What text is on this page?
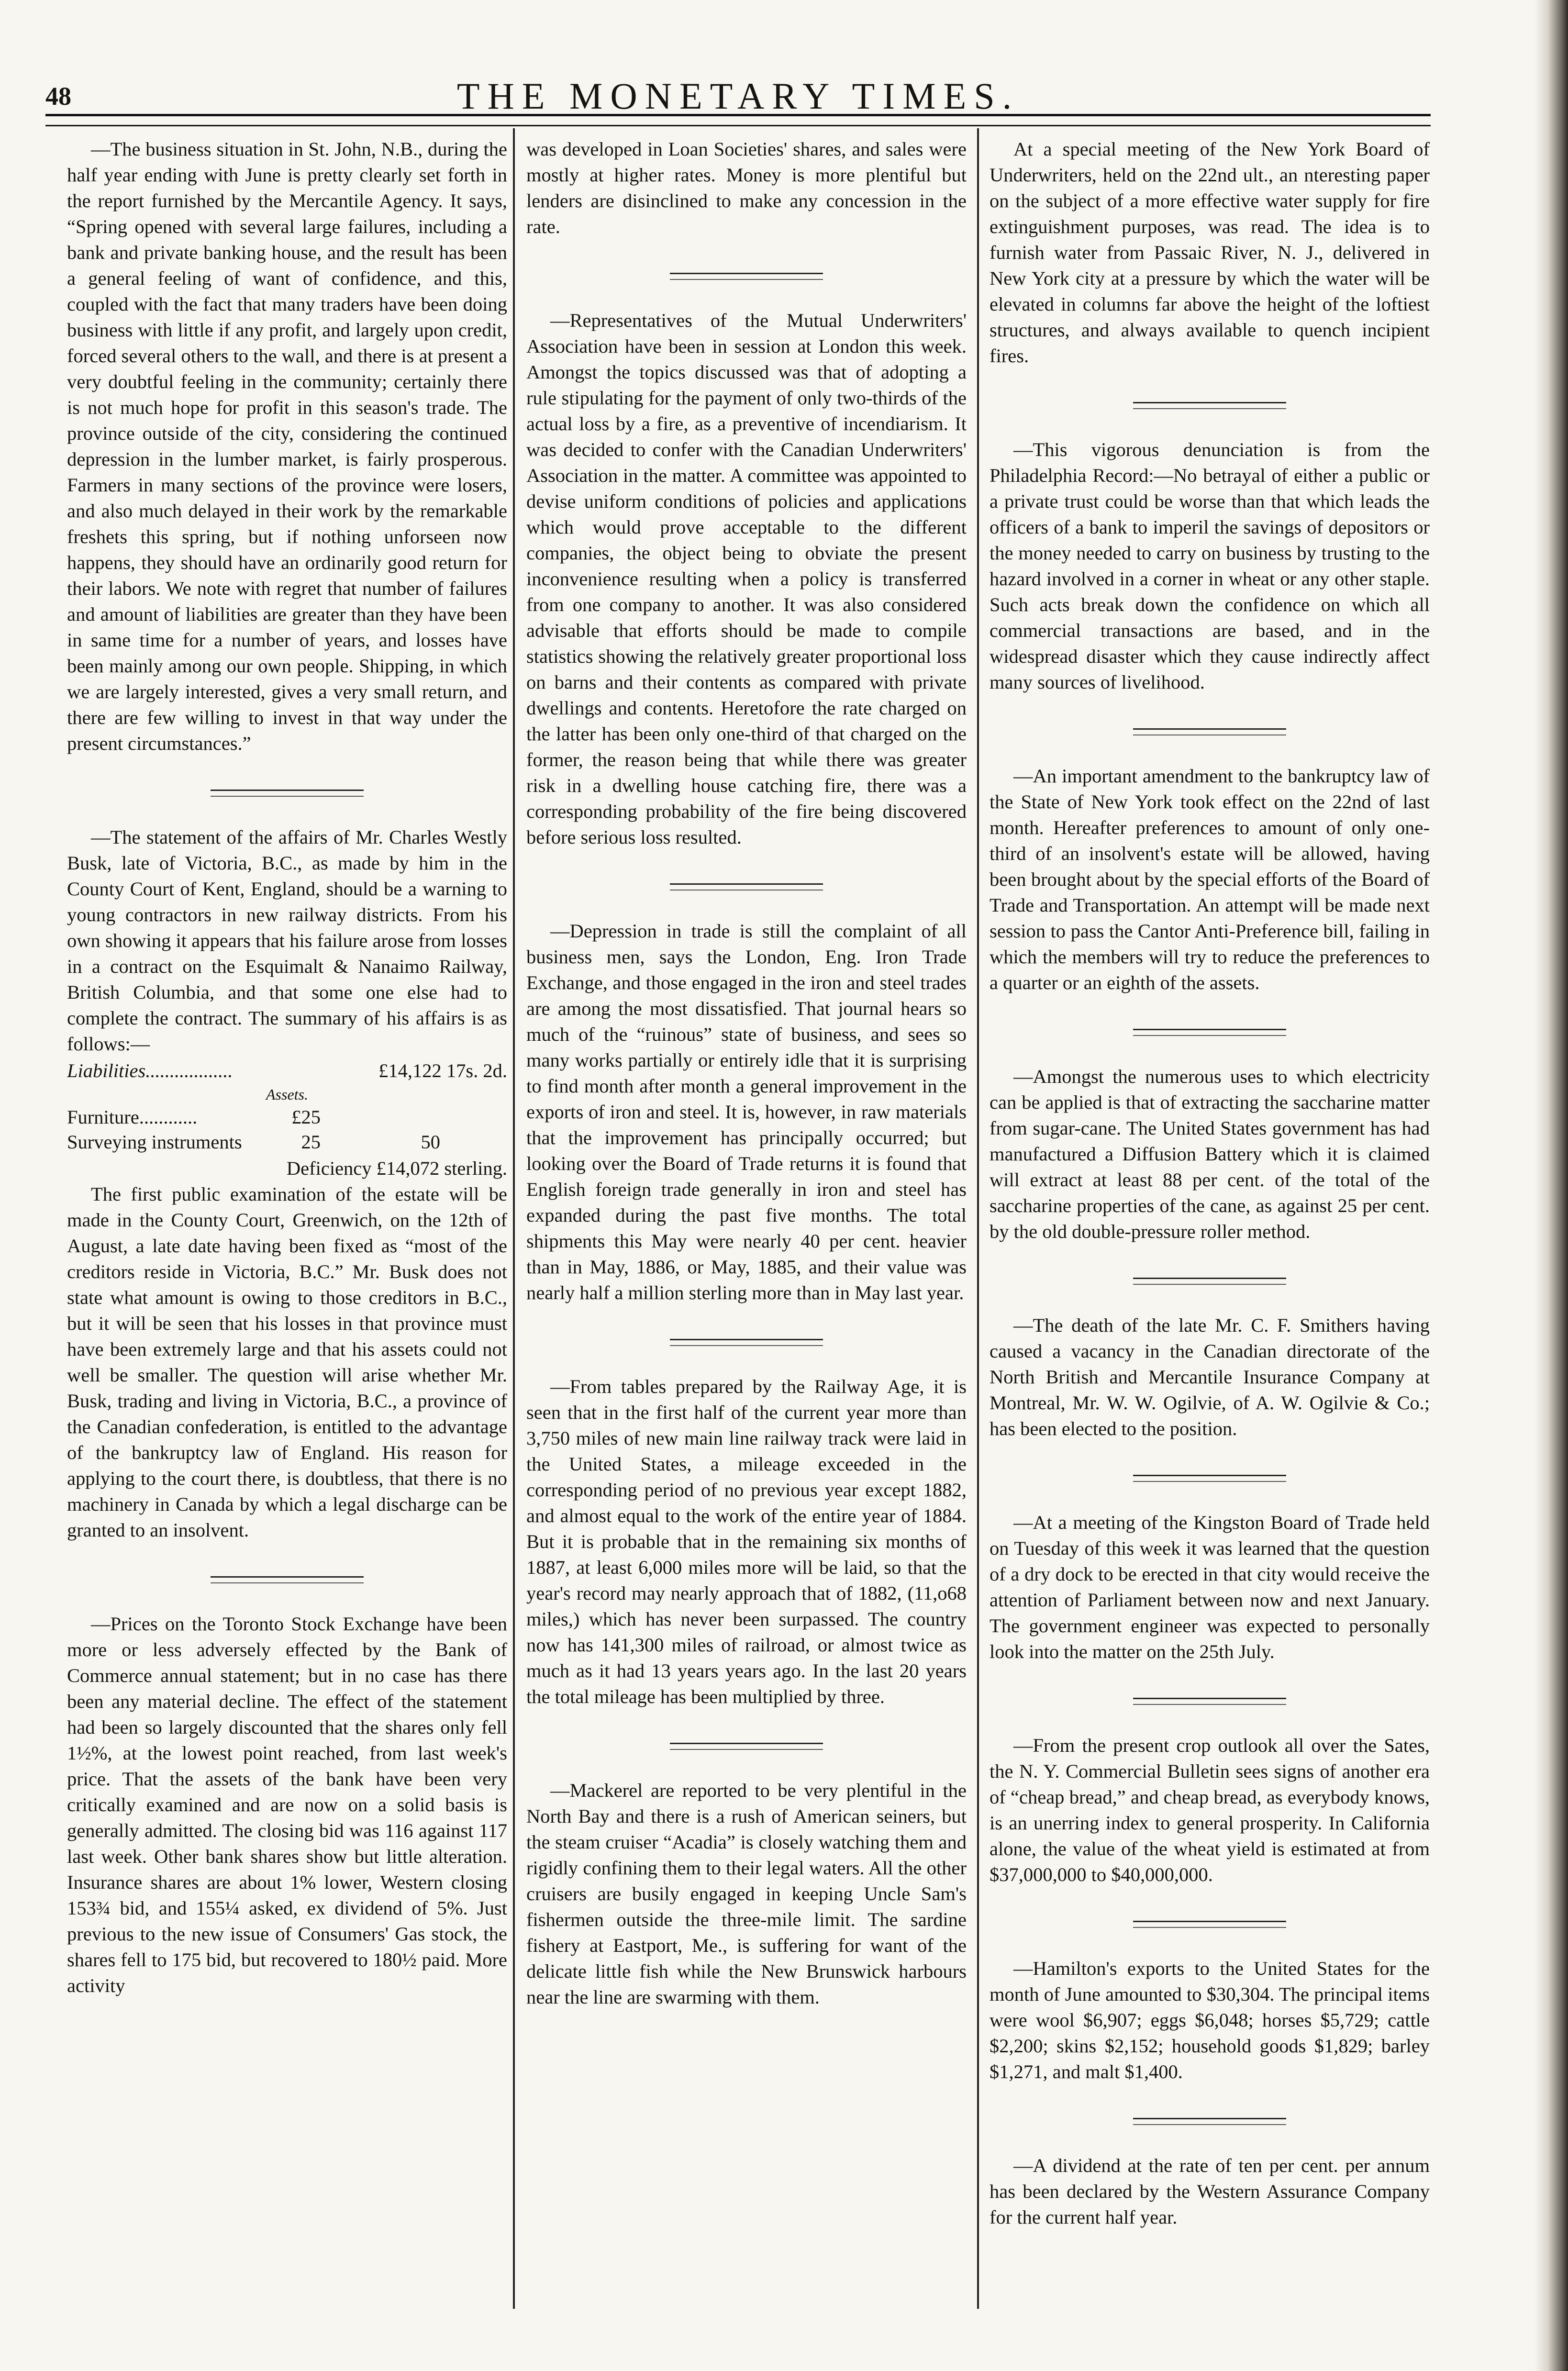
48	THE MONETARY TIMES.

—The business situation in St. John, N.B., during the half year ending with June is pretty clearly set forth in the report furnished by the Mercantile Agency. It says, “Spring opened with several large failures, including a bank and private banking house, and the result has been a general feeling of want of confidence, and this, coupled with the fact that many traders have been doing business with little if any profit, and largely upon credit, forced several others to the wall, and there is at present a very doubtful feeling in the community; certainly there is not much hope for profit in this season's trade. The province outside of the city, considering the continued depression in the lumber market, is fairly prosperous. Farmers in many sections of the province were losers, and also much delayed in their work by the remarkable freshets this spring, but if nothing unforseen now happens, they should have an ordinarily good return for their labors. We note with regret that number of failures and amount of liabilities are greater than they have been in same time for a number of years, and losses have been mainly among our own people. Shipping, in which we are largely interested, gives a very small return, and there are few willing to invest in that way under the present circumstances.”

—The statement of the affairs of Mr. Charles Westly Busk, late of Victoria, B.C., as made by him in the County Court of Kent, England, should be a warning to young contractors in new railway districts. From his own showing it appears that his failure arose from losses in a contract on the Esquimalt & Nanaimo Railway, British Columbia, and that some one else had to complete the contract. The summary of his affairs is as follows:—

Liabilities..................	£14,122 17s. 2d.
Assets.
Furniture............	£25
Surveying instruments	25	50

Deficiency £14,072 sterling.

The first public examination of the estate will be made in the County Court, Greenwich, on the 12th of August, a late date having been fixed as “most of the creditors reside in Victoria, B.C.” Mr. Busk does not state what amount is owing to those creditors in B.C., but it will be seen that his losses in that province must have been extremely large and that his assets could not well be smaller. The question will arise whether Mr. Busk, trading and living in Victoria, B.C., a province of the Canadian confederation, is entitled to the advantage of the bankruptcy law of England. His reason for applying to the court there, is doubtless, that there is no machinery in Canada by which a legal discharge can be granted to an insolvent.

—Prices on the Toronto Stock Exchange have been more or less adversely effected by the Bank of Commerce annual statement; but in no case has there been any material decline. The effect of the statement had been so largely discounted that the shares only fell 1½%, at the lowest point reached, from last week's price. That the assets of the bank have been very critically examined and are now on a solid basis is generally admitted. The closing bid was 116 against 117 last week. Other bank shares show but little alteration. Insurance shares are about 1% lower, Western closing 153¾ bid, and 155¼ asked, ex dividend of 5%. Just previous to the new issue of Consumers' Gas stock, the shares fell to 175 bid, but recovered to 180½ paid. More activity

was developed in Loan Societies' shares, and sales were mostly at higher rates. Money is more plentiful but lenders are disinclined to make any concession in the rate.

—Representatives of the Mutual Underwriters' Association have been in session at London this week. Amongst the topics discussed was that of adopting a rule stipulating for the payment of only two-thirds of the actual loss by a fire, as a preventive of incendiarism. It was decided to confer with the Canadian Underwriters' Association in the matter. A committee was appointed to devise uniform conditions of policies and applications which would prove acceptable to the different companies, the object being to obviate the present inconvenience resulting when a policy is transferred from one company to another. It was also considered advisable that efforts should be made to compile statistics showing the relatively greater proportional loss on barns and their contents as compared with private dwellings and contents. Heretofore the rate charged on the latter has been only one-third of that charged on the former, the reason being that while there was greater risk in a dwelling house catching fire, there was a corresponding probability of the fire being discovered before serious loss resulted.

—Depression in trade is still the complaint of all business men, says the London, Eng. Iron Trade Exchange, and those engaged in the iron and steel trades are among the most dissatisfied. That journal hears so much of the “ruinous” state of business, and sees so many works partially or entirely idle that it is surprising to find month after month a general improvement in the exports of iron and steel. It is, however, in raw materials that the improvement has principally occurred; but looking over the Board of Trade returns it is found that English foreign trade generally in iron and steel has expanded during the past five months. The total shipments this May were nearly 40 per cent. heavier than in May, 1886, or May, 1885, and their value was nearly half a million sterling more than in May last year.

—From tables prepared by the Railway Age, it is seen that in the first half of the current year more than 3,750 miles of new main line railway track were laid in the United States, a mileage exceeded in the corresponding period of no previous year except 1882, and almost equal to the work of the entire year of 1884. But it is probable that in the remaining six months of 1887, at least 6,000 miles more will be laid, so that the year's record may nearly approach that of 1882, (11,o68 miles,) which has never been surpassed. The country now has 141,300 miles of railroad, or almost twice as much as it had 13 years years ago. In the last 20 years the total mileage has been multiplied by three.

—Mackerel are reported to be very plentiful in the North Bay and there is a rush of American seiners, but the steam cruiser “Acadia” is closely watching them and rigidly confining them to their legal waters. All the other cruisers are busily engaged in keeping Uncle Sam's fishermen outside the three-mile limit. The sardine fishery at Eastport, Me., is suffering for want of the delicate little fish while the New Brunswick harbours near the line are swarming with them.

At a special meeting of the New York Board of Underwriters, held on the 22nd ult., an nteresting paper on the subject of a more effective water supply for fire extinguishment purposes, was read. The idea is to furnish water from Passaic River, N. J., delivered in New York city at a pressure by which the water will be elevated in columns far above the height of the loftiest structures, and always available to quench incipient fires.

—This vigorous denunciation is from the Philadelphia Record:—No betrayal of either a public or a private trust could be worse than that which leads the officers of a bank to imperil the savings of depositors or the money needed to carry on business by trusting to the hazard involved in a corner in wheat or any other staple. Such acts break down the confidence on which all commercial transactions are based, and in the widespread disaster which they cause indirectly affect many sources of livelihood.

—An important amendment to the bankruptcy law of the State of New York took effect on the 22nd of last month. Hereafter preferences to amount of only one-third of an insolvent's estate will be allowed, having been brought about by the special efforts of the Board of Trade and Transportation. An attempt will be made next session to pass the Cantor Anti-Preference bill, failing in which the members will try to reduce the preferences to a quarter or an eighth of the assets.

—Amongst the numerous uses to which electricity can be applied is that of extracting the saccharine matter from sugar-cane. The United States government has had manufactured a Diffusion Battery which it is claimed will extract at least 88 per cent. of the total of the saccharine properties of the cane, as against 25 per cent. by the old double-pressure roller method.

—The death of the late Mr. C. F. Smithers having caused a vacancy in the Canadian directorate of the North British and Mercantile Insurance Company at Montreal, Mr. W. W. Ogilvie, of A. W. Ogilvie & Co.; has been elected to the position.

—At a meeting of the Kingston Board of Trade held on Tuesday of this week it was learned that the question of a dry dock to be erected in that city would receive the attention of Parliament between now and next January. The government engineer was expected to personally look into the matter on the 25th July.

—From the present crop outlook all over the Sates, the N. Y. Commercial Bulletin sees signs of another era of “cheap bread,” and cheap bread, as everybody knows, is an unerring index to general prosperity. In California alone, the value of the wheat yield is estimated at from $37,000,000 to $40,000,000.

—Hamilton's exports to the United States for the month of June amounted to $30,304. The principal items were wool $6,907; eggs $6,048; horses $5,729; cattle $2,200; skins $2,152; household goods $1,829; barley $1,271, and malt $1,400.

—A dividend at the rate of ten per cent. per annum has been declared by the Western Assurance Company for the current half year.
